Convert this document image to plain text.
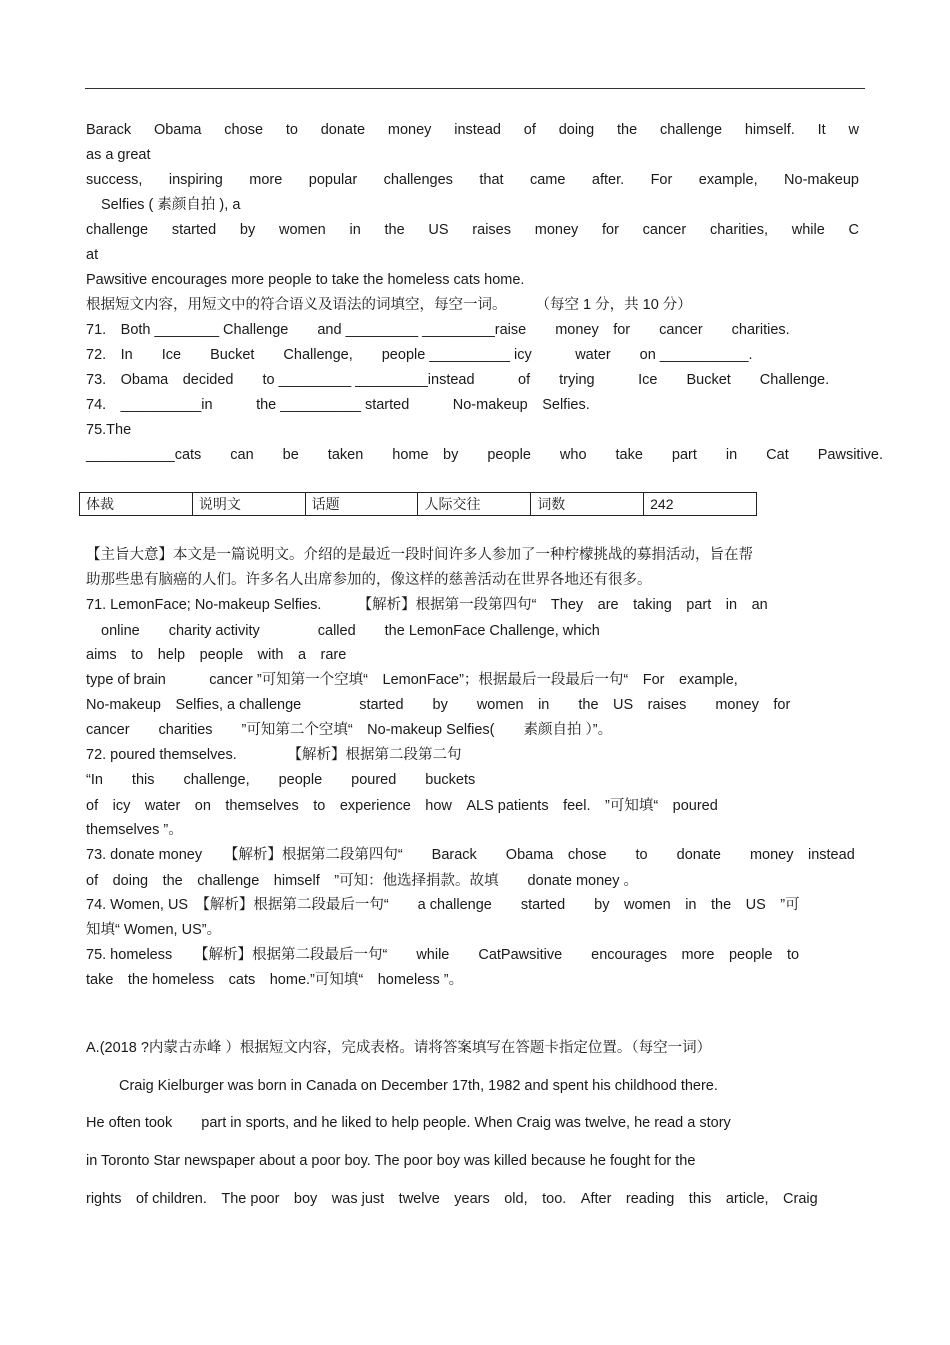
Barack Obama chose to donate money instead of doing the challenge himself. It w
as a great
success, inspiring more popular challenges that came after. For example, No-makeup
Selfies ( 素颜自拍 ), a
challenge started by women in the US raises money for cancer charities, while C
at
Pawsitive encourages more people to take the homeless cats home.
根据短文内容，用短文中的符合语义及语法的词填空，每空一词。　　　（每空 1 分，共 10 分）
71.　Both ________ Challenge　　and _________ _________raise　　money　for　　cancer　　charities.
72.　In　　Ice　　Bucket　　Challenge,　　people __________ icy　　　water　　on ___________.
73.　Obama　decided　　to _________ _________instead　　　of　　trying　　　Ice　　Bucket　　Challenge.
74.　__________in　　　the __________ started　　　No-makeup　Selfies.
75.The
___________cats　　can　　be　　taken　　home　by　　people　　who　　take　　part　　in　　Cat　　Pawsitive.
体裁	说明文	话题	人际交往	词数	242
【主旨大意】本文是一篇说明文。介绍的是最近一段时间许多人参加了一种柠檬挑战的募捐活动，旨在帮
助那些患有脑癌的人们。许多名人出席参加的，像这样的慈善活动在世界各地还有很多。
71. LemonFace; No-makeup Selfies.　　　【解析】根据第一段第四句“　They　are　taking　part　in　an
online　　charity activity　　　　called　　the LemonFace Challenge, which
aims　to　help　people　with　a　rare
type of brain　　　cancer ”可知第一个空填“　LemonFace”；根据最后一段最后一句“　For　example,
No-makeup　Selfies, a challenge　　　　started　　by　　women　in　　the　US　raises　　money　for
cancer　　charities　　”可知第二个空填“　No-makeup Selfies(　　素颜自拍 ）”。
72. poured themselves.　　　　【解析】根据第二段第二句
“In　　this　　challenge,　　people　　poured　　buckets
of　icy　water　on　themselves　to　experience　how　ALS patients　feel.　”可知填“　poured
themselves ”。
73. donate money　　【解析】根据第二段第四句“　　Barack　　Obama　chose　　to　　donate　　money　instead
of　doing　the　challenge　himself　”可知：他选择捐款。故填　　donate money 。
74. Women, US　【解析】根据第二段最后一句“　　a challenge　　started　　by　women　in　the　US　”可
知填“ Women, US”。
75. homeless　　【解析】根据第二段最后一句“　　while　　CatPawsitive　　encourages　more　people　to
take　the homeless　cats　home.”可知填“　homeless ”。
A.(2018 ?内蒙古赤峰 ）根据短文内容，完成表格。请将答案填写在答题卡指定位置。（每空一词）
Craig Kielburger was born in Canada on December 17th, 1982 and spent his childhood there.
He often took　　part in sports, and he liked to help people. When Craig was twelve, he read a story
in Toronto Star newspaper about a poor boy. The poor boy was killed because he fought for the
rights　of children.　The poor　boy　was just　twelve　years　old,　too.　After　reading　this　article,　Craig
